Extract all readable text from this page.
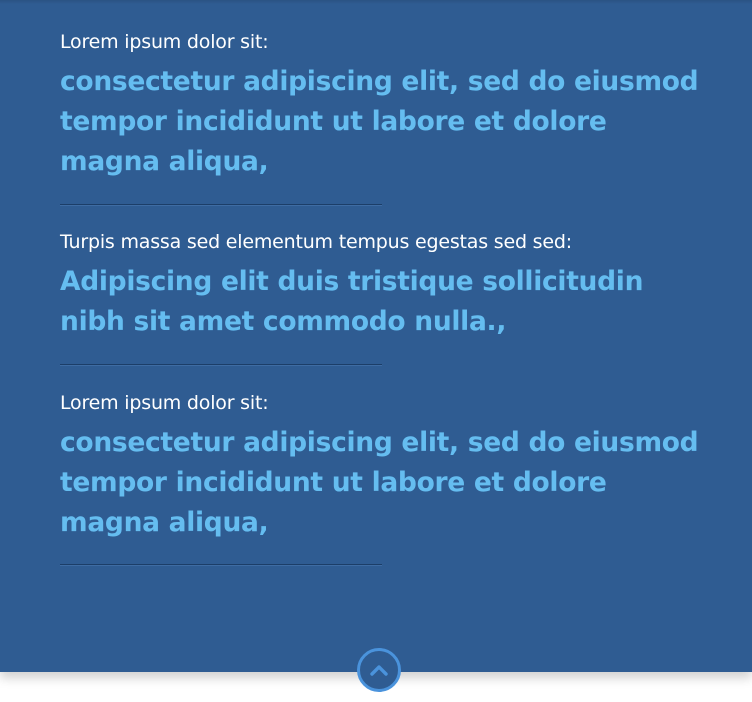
Lorem ipsum dolor sit:

consectetur adipiscing elit, sed do eiusmod tempor incididunt ut labore et dolore magna aliqua,

Turpis massa sed elementum tempus egestas sed sed:

Adipiscing elit duis tristique sollicitudin nibh sit amet commodo nulla.,

Lorem ipsum dolor sit:

consectetur adipiscing elit, sed do eiusmod tempor incididunt ut labore et dolore magna aliqua,
